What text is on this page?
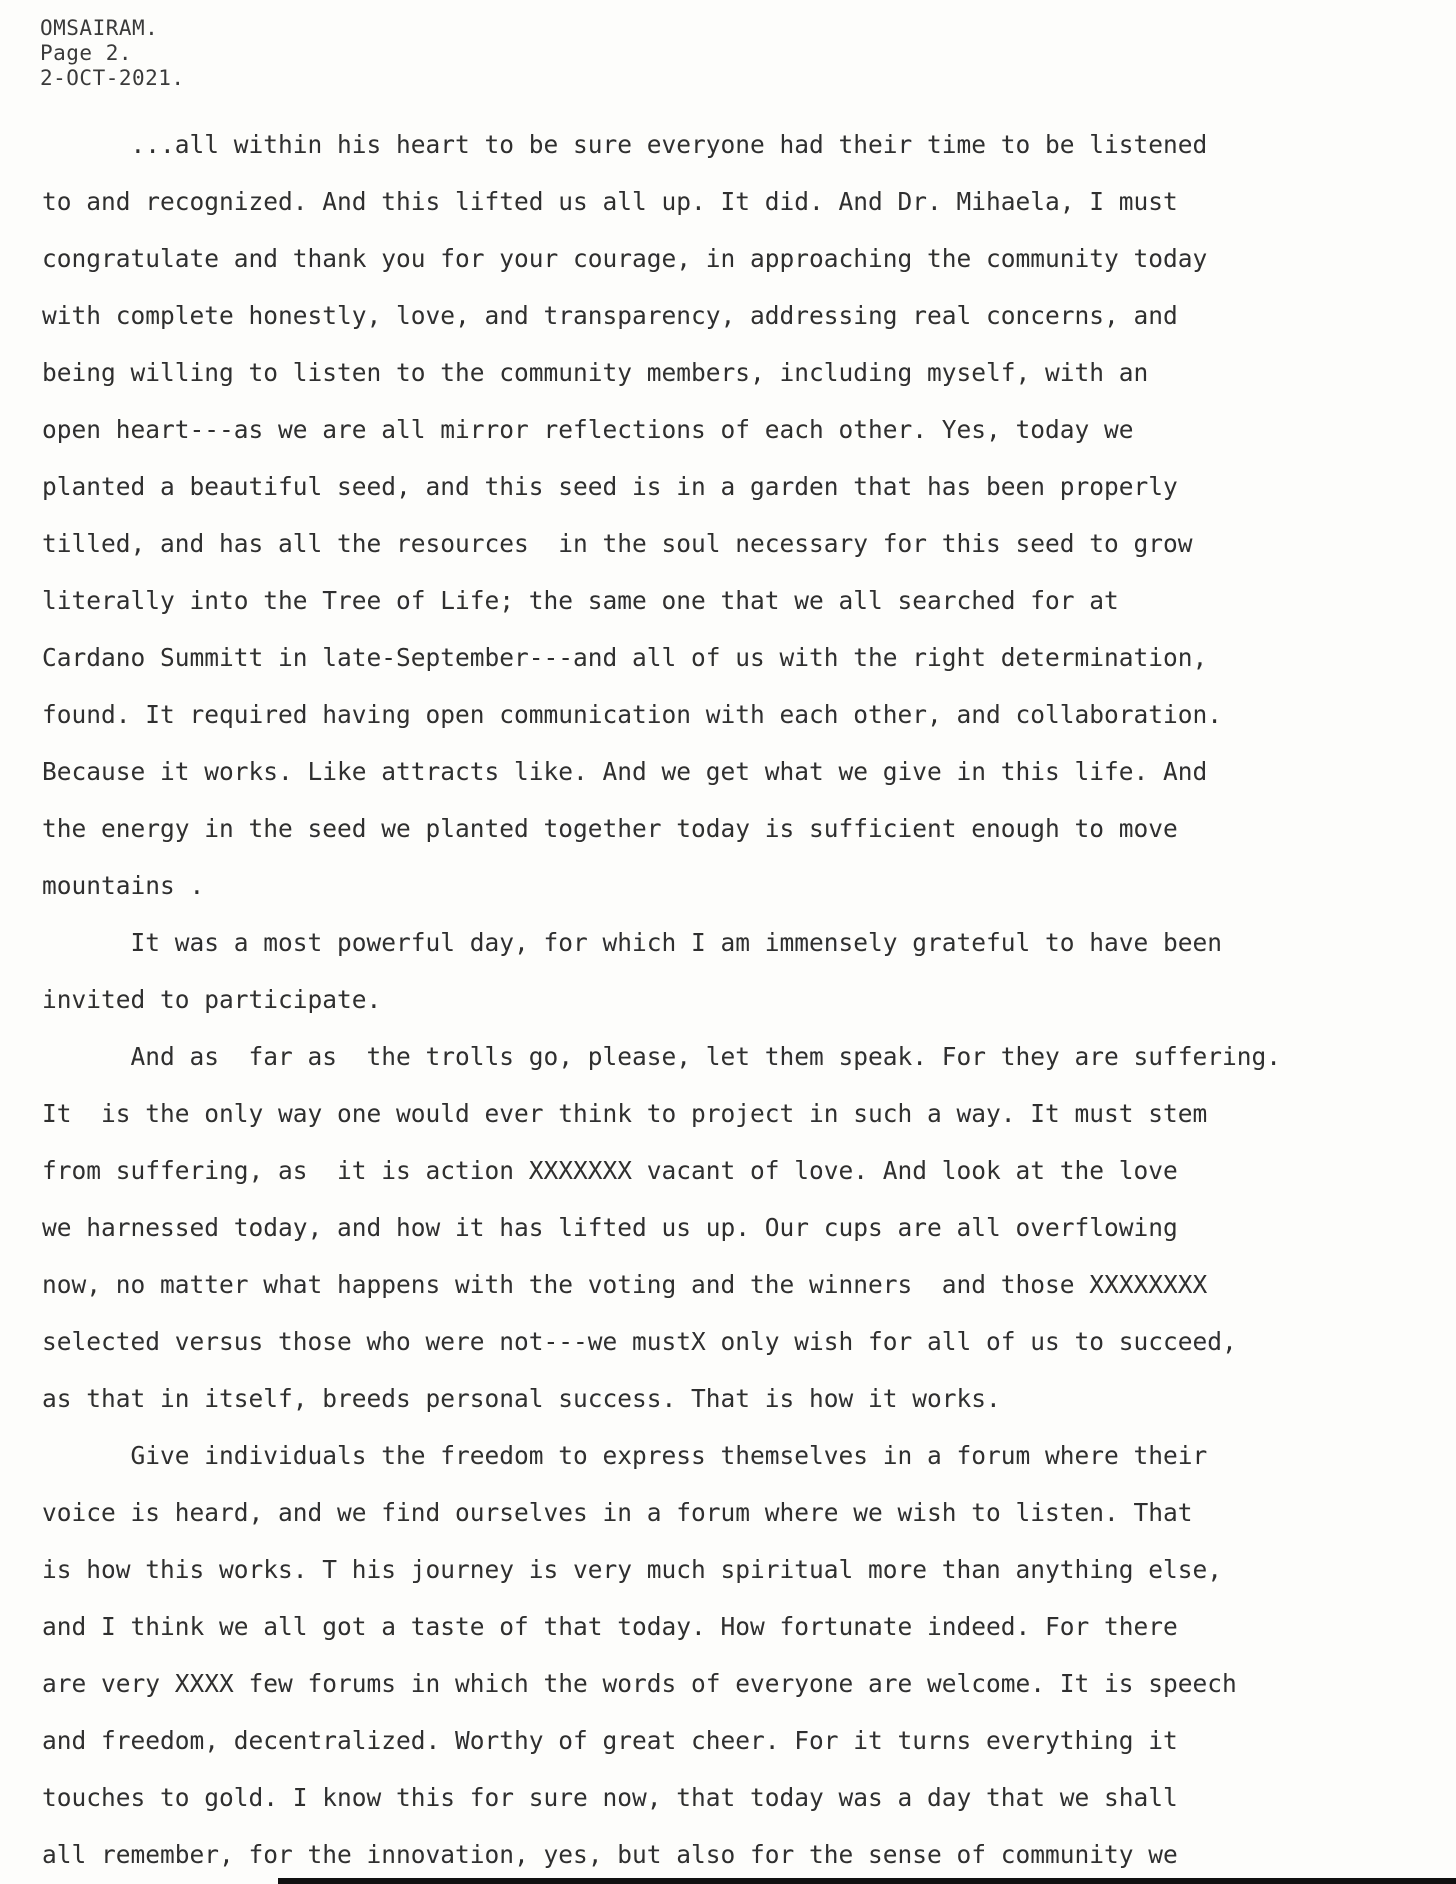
OMSAIRAM.
Page 2.
2-OCT-2021.
...all within his heart to be sure everyone had their time to be listened
to and recognized. And this lifted us all up. It did. And Dr. Mihaela, I must
congratulate and thank you for your courage, in approaching the community today
with complete honestly, love, and transparency, addressing real concerns, and
being willing to listen to the community members, including myself, with an
open heart---as we are all mirror reflections of each other. Yes, today we
planted a beautiful seed, and this seed is in a garden that has been properly
tilled, and has all the resources  in the soul necessary for this seed to grow
literally into the Tree of Life; the same one that we all searched for at
Cardano Summitt in late-September---and all of us with the right determination,
found. It required having open communication with each other, and collaboration.
Because it works. Like attracts like. And we get what we give in this life. And
the energy in the seed we planted together today is sufficient enough to move
mountains .
It was a most powerful day, for which I am immensely grateful to have been
invited to participate.
And as  far as  the trolls go, please, let them speak. For they are suffering.
It  is the only way one would ever think to project in such a way. It must stem
from suffering, as  it is action XXXXXXX vacant of love. And look at the love
we harnessed today, and how it has lifted us up. Our cups are all overflowing
now, no matter what happens with the voting and the winners  and those XXXXXXXX
selected versus those who were not---we mustX only wish for all of us to succeed,
as that in itself, breeds personal success. That is how it works.
Give individuals the freedom to express themselves in a forum where their
voice is heard, and we find ourselves in a forum where we wish to listen. That
is how this works. T his journey is very much spiritual more than anything else,
and I think we all got a taste of that today. How fortunate indeed. For there
are very XXXX few forums in which the words of everyone are welcome. It is speech
and freedom, decentralized. Worthy of great cheer. For it turns everything it
touches to gold. I know this for sure now, that today was a day that we shall
all remember, for the innovation, yes, but also for the sense of community we
